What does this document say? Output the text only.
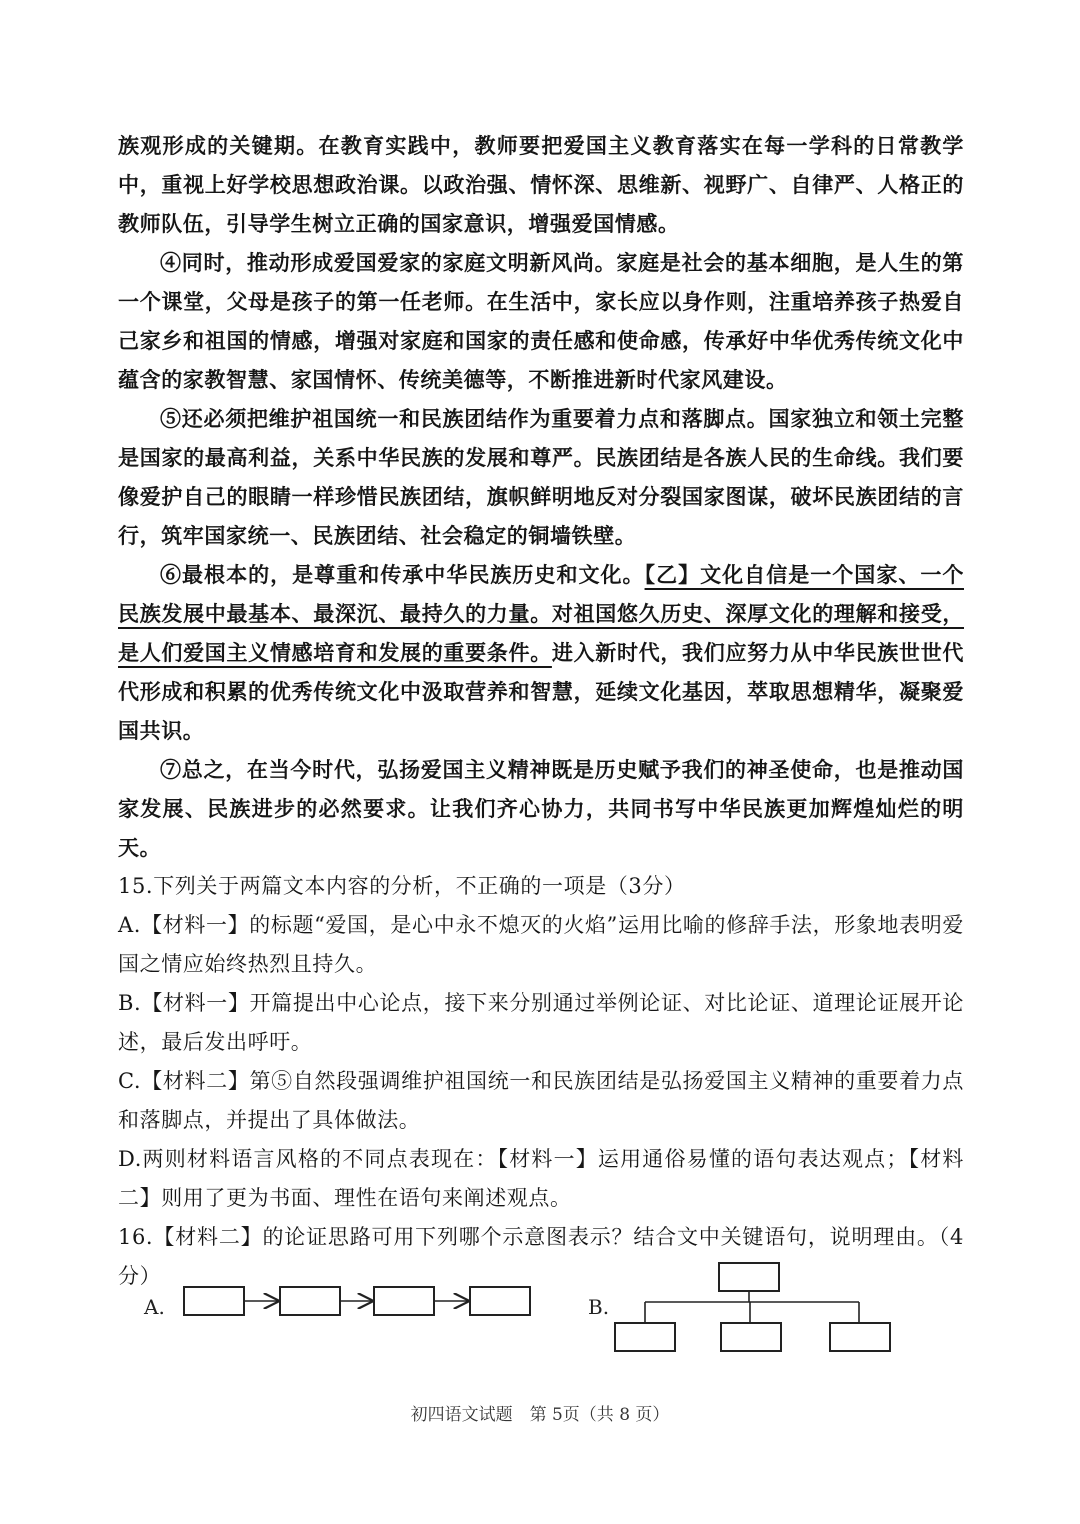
族观形成的关键期。在教育实践中，教师要把爱国主义教育落实在每一学科的日常教学中，重视上好学校思想政治课。以政治强、情怀深、思维新、视野广、自律严、人格正的教师队伍，引导学生树立正确的国家意识，增强爱国情感。

④同时，推动形成爱国爱家的家庭文明新风尚。家庭是社会的基本细胞，是人生的第一个课堂，父母是孩子的第一任老师。在生活中，家长应以身作则，注重培养孩子热爱自己家乡和祖国的情感，增强对家庭和国家的责任感和使命感，传承好中华优秀传统文化中蕴含的家教智慧、家国情怀、传统美德等，不断推进新时代家风建设。

⑤还必须把维护祖国统一和民族团结作为重要着力点和落脚点。国家独立和领土完整是国家的最高利益，关系中华民族的发展和尊严。民族团结是各族人民的生命线。我们要像爱护自己的眼睛一样珍惜民族团结，旗帜鲜明地反对分裂国家图谋，破坏民族团结的言行，筑牢国家统一、民族团结、社会稳定的铜墙铁壁。

⑥最根本的，是尊重和传承中华民族历史和文化。【乙】文化自信是一个国家、一个民族发展中最基本、最深沉、最持久的力量。对祖国悠久历史、深厚文化的理解和接受，是人们爱国主义情感培育和发展的重要条件。进入新时代，我们应努力从中华民族世世代代形成和积累的优秀传统文化中汲取营养和智慧，延续文化基因，萃取思想精华，凝聚爱国共识。

⑦总之，在当今时代，弘扬爱国主义精神既是历史赋予我们的神圣使命，也是推动国家发展、民族进步的必然要求。让我们齐心协力，共同书写中华民族更加辉煌灿烂的明天。

15.下列关于两篇文本内容的分析，不正确的一项是（3分）

A.【材料一】的标题“爱国，是心中永不熄灭的火焰”运用比喻的修辞手法，形象地表明爱国之情应始终热烈且持久。

B.【材料一】开篇提出中心论点，接下来分别通过举例论证、对比论证、道理论证展开论述，最后发出呼吁。

C.【材料二】第⑤自然段强调维护祖国统一和民族团结是弘扬爱国主义精神的重要着力点和落脚点，并提出了具体做法。

D.两则材料语言风格的不同点表现在：【材料一】运用通俗易懂的语句表达观点；【材料二】则用了更为书面、理性在语句来阐述观点。

16.【材料二】的论证思路可用下列哪个示意图表示？结合文中关键语句，说明理由。（4分）

A.	B.
初四语文试题　第 5页（共 8 页）
